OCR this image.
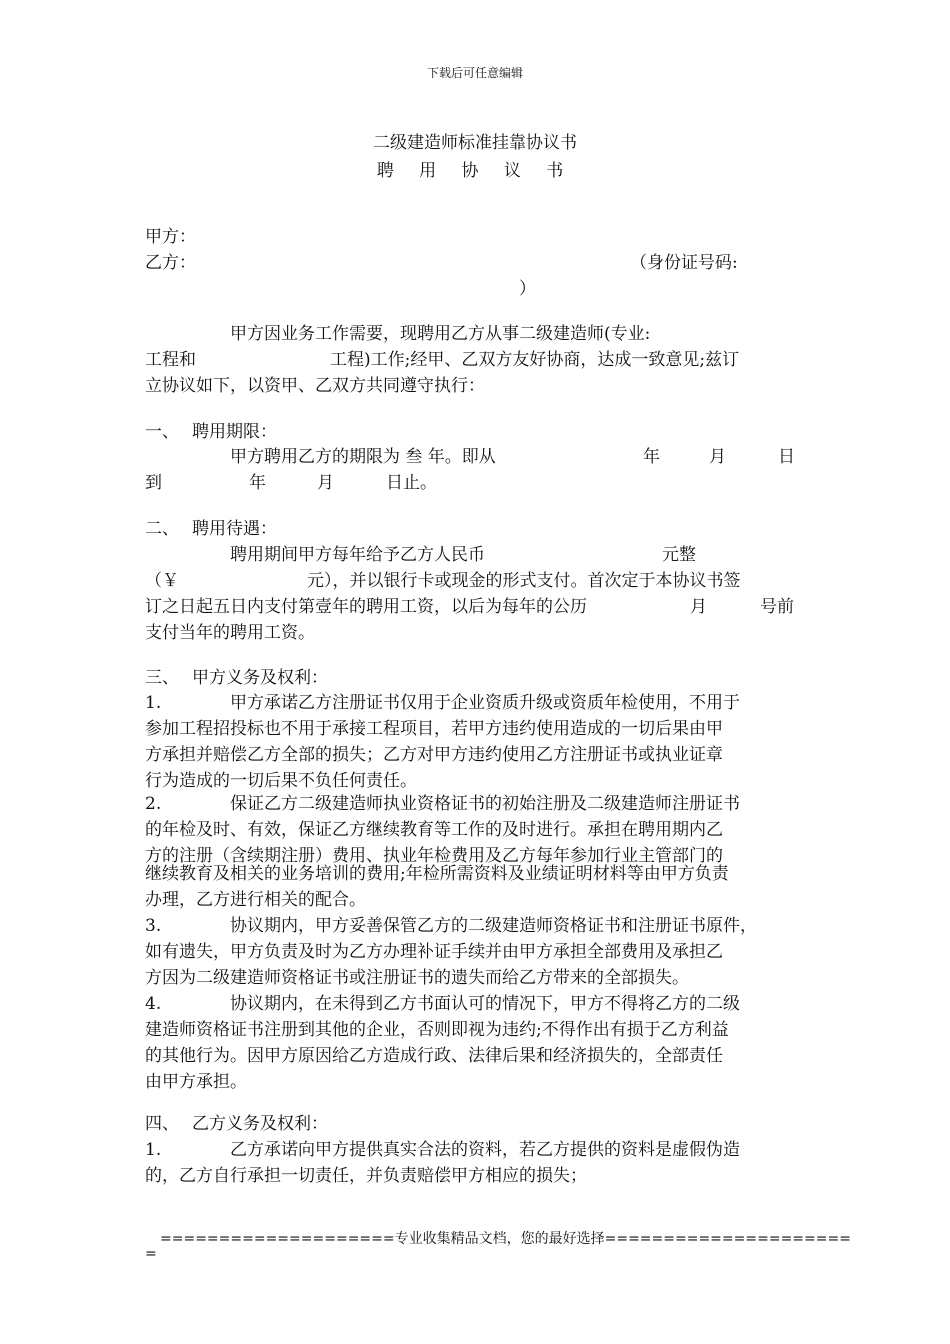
下载后可任意编辑
二级建造师标准挂靠协议书
聘 用 协 议 书
甲方：
乙方：	（身份证号码:
）
甲方因业务工作需要，现聘用乙方从事二级建造师(专业:
工程和	工程)工作;经甲、乙双方友好协商，达成一致意见;兹订
立协议如下，以资甲、乙双方共同遵守执行：
一、 聘用期限：
甲方聘用乙方的期限为 叁 年。即从	年	月	日
到	年	月	日止。
二、 聘用待遇：
聘用期间甲方每年给予乙方人民币	元整
（￥	元），并以银行卡或现金的形式支付。首次定于本协议书签
订之日起五日内支付第壹年的聘用工资，以后为每年的公历	月	号前
支付当年的聘用工资。
三、 甲方义务及权利：
1.	甲方承诺乙方注册证书仅用于企业资质升级或资质年检使用，不用于
参加工程招投标也不用于承接工程项目，若甲方违约使用造成的一切后果由甲
方承担并赔偿乙方全部的损失；乙方对甲方违约使用乙方注册证书或执业证章
行为造成的一切后果不负任何责任。
2.	保证乙方二级建造师执业资格证书的初始注册及二级建造师注册证书
的年检及时、有效，保证乙方继续教育等工作的及时进行。承担在聘用期内乙
方的注册（含续期注册）费用、执业年检费用及乙方每年参加行业主管部门的
继续教育及相关的业务培训的费用;年检所需资料及业绩证明材料等由甲方负责
办理，乙方进行相关的配合。
3.	协议期内，甲方妥善保管乙方的二级建造师资格证书和注册证书原件，
如有遗失，甲方负责及时为乙方办理补证手续并由甲方承担全部费用及承担乙
方因为二级建造师资格证书或注册证书的遗失而给乙方带来的全部损失。
4.	协议期内，在未得到乙方书面认可的情况下，甲方不得将乙方的二级
建造师资格证书注册到其他的企业，否则即视为违约;不得作出有损于乙方利益
的其他行为。因甲方原因给乙方造成行政、法律后果和经济损失的，全部责任
由甲方承担。
四、 乙方义务及权利：
1.	乙方承诺向甲方提供真实合法的资料，若乙方提供的资料是虚假伪造
的，乙方自行承担一切责任，并负责赔偿甲方相应的损失；
====================专业收集精品文档，您的最好选择=====================
=
